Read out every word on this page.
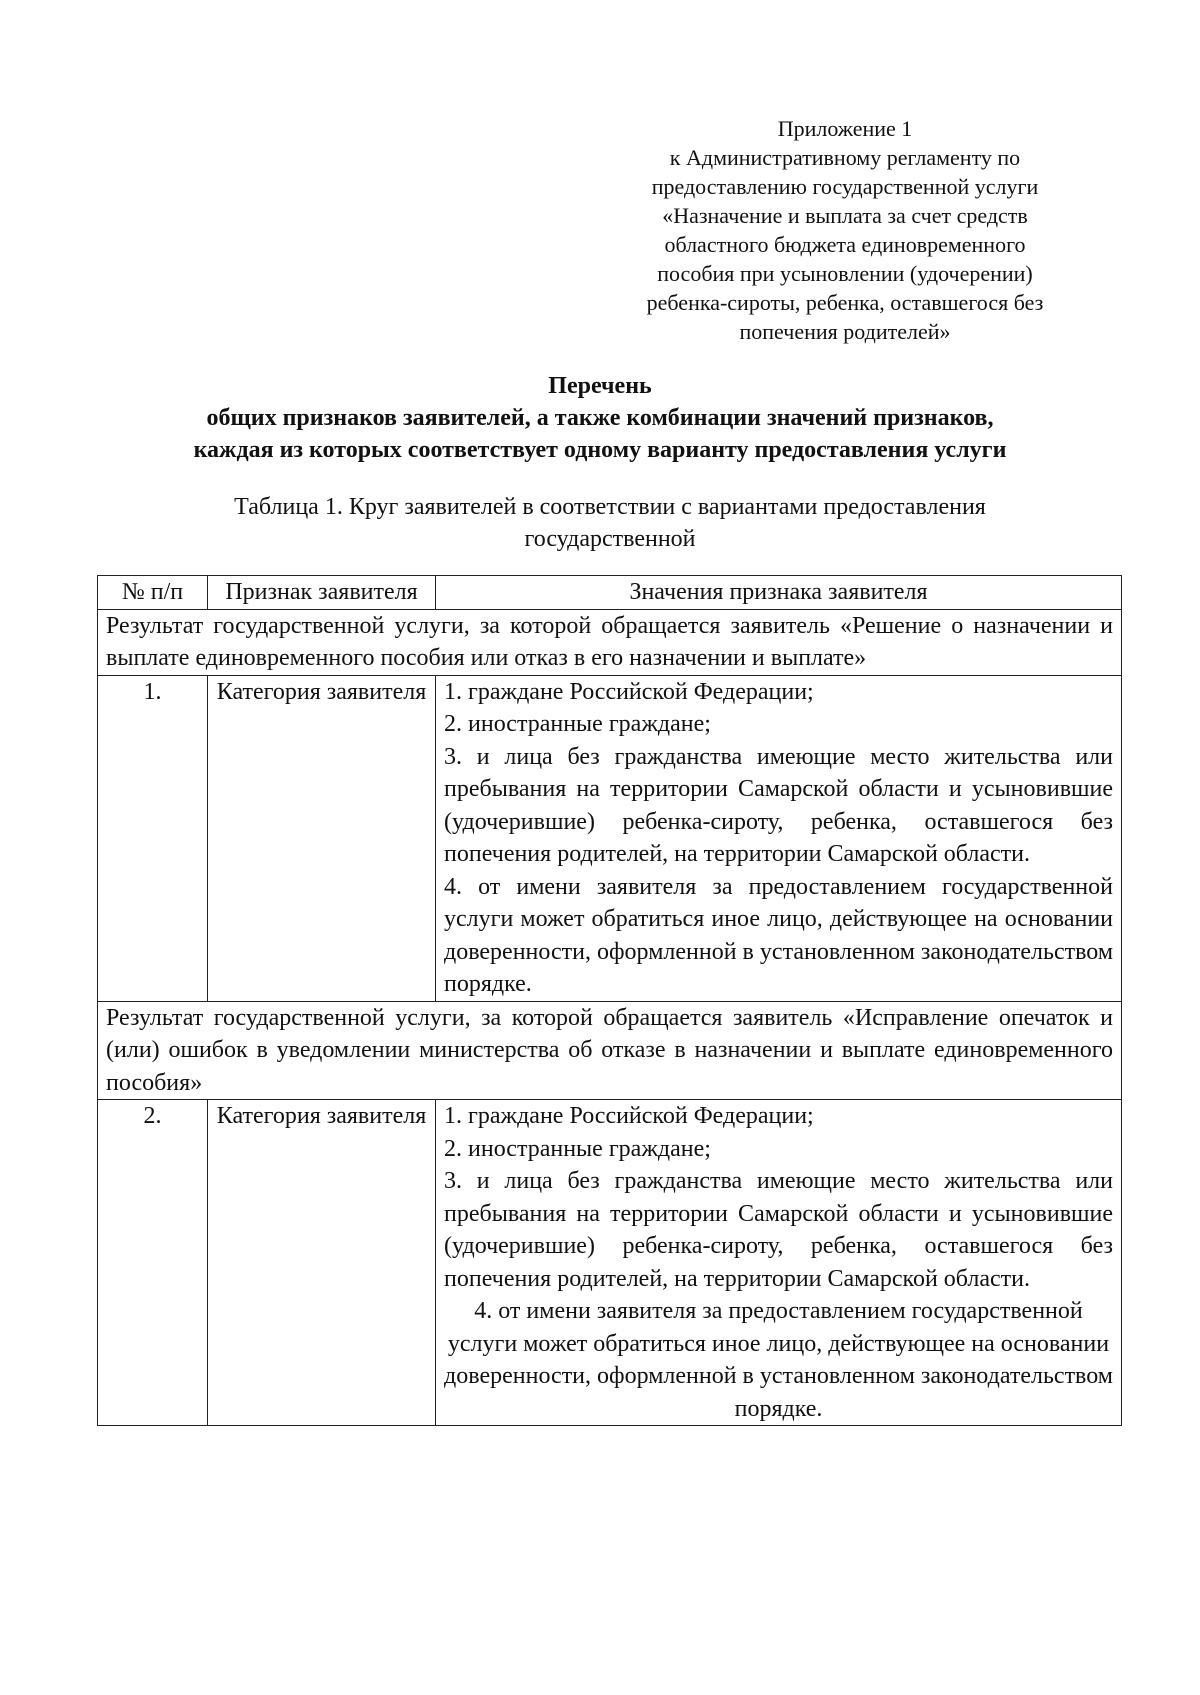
Приложение 1
к Административному регламенту по
предоставлению государственной услуги
«Назначение и выплата за счет средств
областного бюджета единовременного
пособия при усыновлении (удочерении)
ребенка-сироты, ребенка, оставшегося без
попечения родителей»
Перечень
общих признаков заявителей, а также комбинации значений признаков,
каждая из которых соответствует одному варианту предоставления услуги
Таблица 1. Круг заявителей в соответствии с вариантами предоставления
государственной
№ п/п	Признак заявителя	Значения признака заявителя
Результат государственной услуги, за которой обращается заявитель «Решение о назначении и выплате единовременного пособия или отказ в его назначении и выплате»		
1.	Категория заявителя	1. граждане Российской Федерации;
2. иностранные граждане;
3. и лица без гражданства имеющие место жительства или пребывания на территории Самарской области и усыновившие (удочерившие) ребенка-сироту, ребенка, оставшегося без попечения родителей, на территории Самарской области.
4. от имени заявителя за предоставлением государственной услуги может обратиться иное лицо, действующее на основании доверенности, оформленной в установленном законодательством порядке.

Результат государственной услуги, за которой обращается заявитель «Исправление опечаток и (или) ошибок в уведомлении министерства об отказе в назначении и выплате единовременного пособия»		
2.	Категория заявителя	1. граждане Российской Федерации;
2. иностранные граждане;
3. и лица без гражданства имеющие место жительства или пребывания на территории Самарской области и усыновившие (удочерившие) ребенка-сироту, ребенка, оставшегося без попечения родителей, на территории Самарской области.
4. от имени заявителя за предоставлением государственной услуги может обратиться иное лицо, действующее на основании доверенности, оформленной в установленном законодательством порядке.
